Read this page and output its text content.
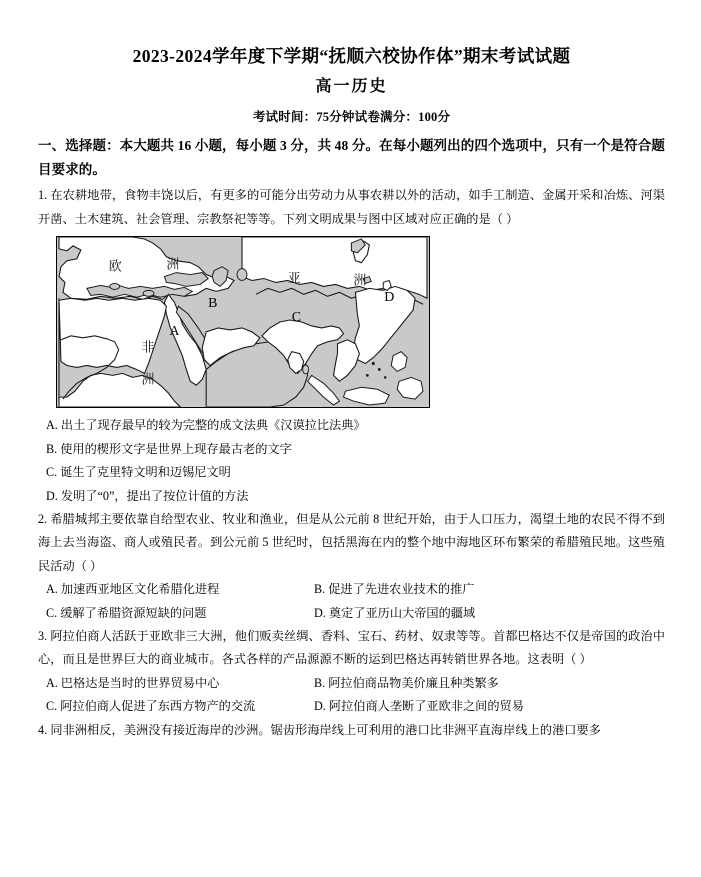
2023-2024学年度下学期“抚顺六校协作体”期末考试试题
高一历史
考试时间：75分钟试卷满分：100分

一、选择题：本大题共 16 小题，每小题 3 分，共 48 分。在每小题列出的四个选项中，只有一个是符合题目要求的。

1. 在农耕地带，食物丰饶以后，有更多的可能分出劳动力从事农耕以外的活动，如手工制造、金属开采和冶炼、河渠开凿、土木建筑、社会管理、宗教祭祀等等。下列文明成果与图中区域对应正确的是（ ）

欧	洲
亚	洲
非
洲
A
B
C
D

A. 出土了现存最早的较为完整的成文法典《汉谟拉比法典》

B. 使用的楔形文字是世界上现存最古老的文字

C. 诞生了克里特文明和迈锡尼文明

D. 发明了“0”，提出了按位计值的方法

2. 希腊城邦主要依靠自给型农业、牧业和渔业，但是从公元前 8 世纪开始，由于人口压力，渴望土地的农民不得不到海上去当海盗、商人或殖民者。到公元前 5 世纪时，包括黑海在内的整个地中海地区环布繁荣的希腊殖民地。这些殖民活动（ ）

A. 加速西亚地区文化希腊化进程	B. 促进了先进农业技术的推广
C. 缓解了希腊资源短缺的问题	D. 奠定了亚历山大帝国的疆域

3. 阿拉伯商人活跃于亚欧非三大洲，他们贩卖丝绸、香料、宝石、药材、奴隶等等。首都巴格达不仅是帝国的政治中心，而且是世界巨大的商业城市。各式各样的产品源源不断的运到巴格达再转销世界各地。这表明（ ）

A. 巴格达是当时的世界贸易中心	B. 阿拉伯商品物美价廉且种类繁多
C. 阿拉伯商人促进了东西方物产的交流	D. 阿拉伯商人垄断了亚欧非之间的贸易

4. 同非洲相反，美洲没有接近海岸的沙洲。锯齿形海岸线上可利用的港口比非洲平直海岸线上的港口要多
